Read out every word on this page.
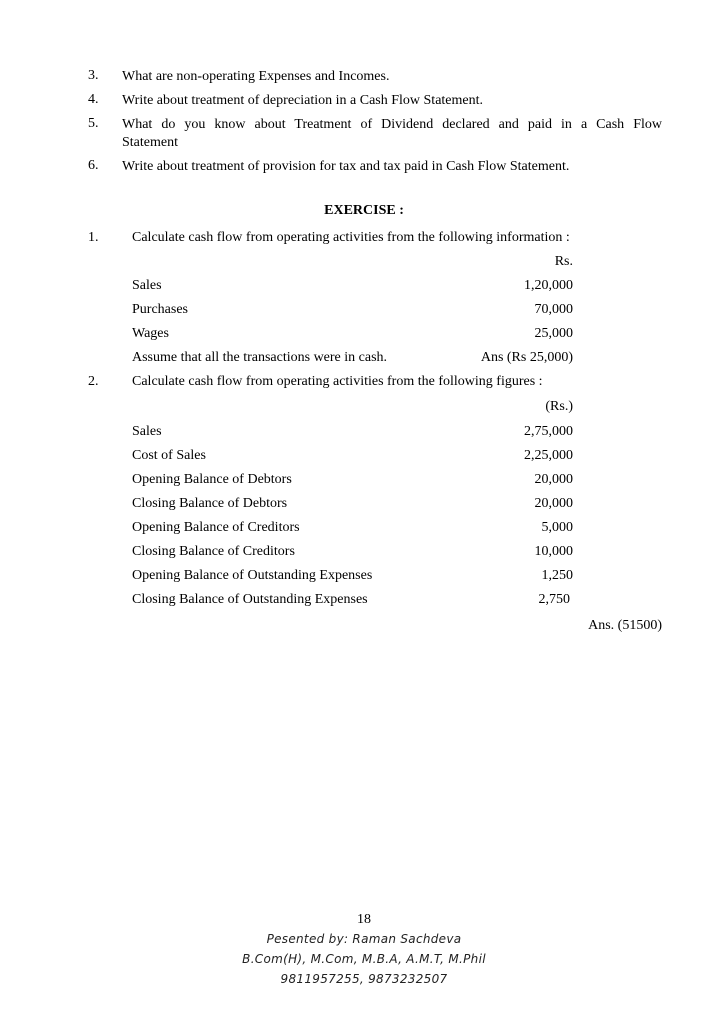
3. What are non-operating Expenses and Incomes.
4. Write about treatment of depreciation in a Cash Flow Statement.
5. What do you know about Treatment of Dividend declared and paid in a Cash Flow
Statement
6. Write about treatment of provision for tax and tax paid in Cash Flow Statement.
EXERCISE :
1. Calculate cash flow from operating activities from the following information :
Rs.
Sales	1,20,000
Purchases	70,000
Wages	25,000
Assume that all the transactions were in cash.	Ans (Rs 25,000)
2. Calculate cash flow from operating activities from the following figures :
(Rs.)
Sales	2,75,000
Cost of Sales	2,25,000
Opening Balance of Debtors	20,000
Closing Balance of Debtors	20,000
Opening Balance of Creditors	5,000
Closing Balance of Creditors	10,000
Opening Balance of Outstanding Expenses	1,250
Closing Balance of Outstanding Expenses	2,750
Ans. (51500)
18
Pesented by: Raman Sachdeva
B.Com(H), M.Com, M.B.A, A.M.T, M.Phil
9811957255, 9873232507
